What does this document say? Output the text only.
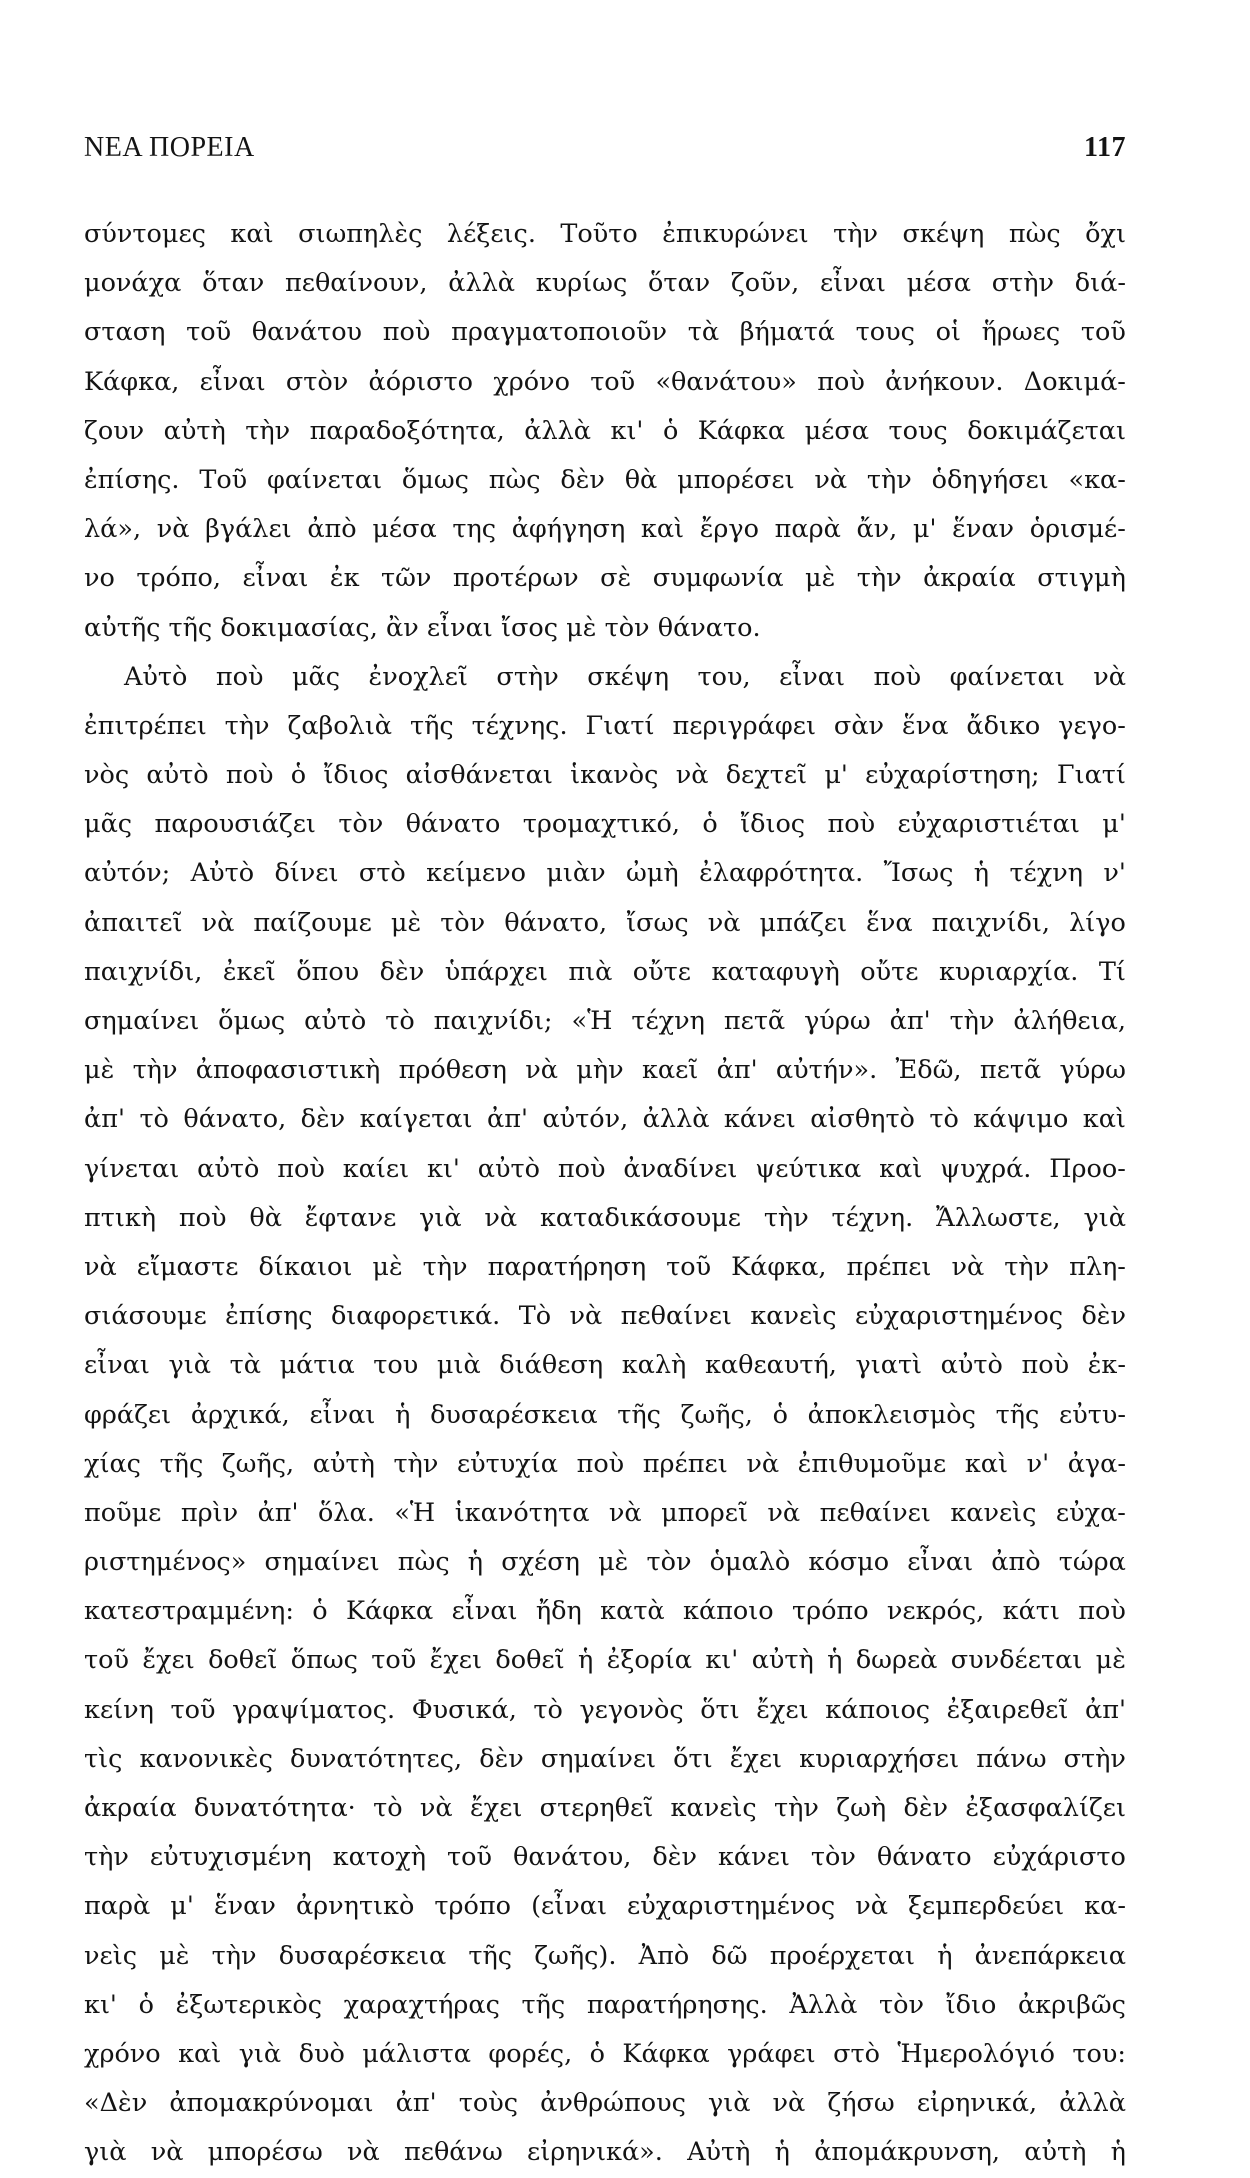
ΝΕΑ ΠΟΡΕΙΑ	117
σύντομες καὶ σιωπηλὲς λέξεις. Τοῦτο ἐπικυρώνει τὴν σκέψη πὼς ὄχι
μονάχα ὅταν πεθαίνουν, ἀλλὰ κυρίως ὅταν ζοῦν, εἶναι μέσα στὴν διά-
σταση τοῦ θανάτου ποὺ πραγματοποιοῦν τὰ βήματά τους οἱ ἥρωες τοῦ
Κάφκα, εἶναι στὸν ἀόριστο χρόνο τοῦ «θανάτου» ποὺ ἀνήκουν. Δοκιμά-
ζουν αὐτὴ τὴν παραδοξότητα, ἀλλὰ κι' ὁ Κάφκα μέσα τους δοκιμάζεται
ἐπίσης. Τοῦ φαίνεται ὅμως πὼς δὲν θὰ μπορέσει νὰ τὴν ὁδηγήσει «κα-
λά», νὰ βγάλει ἀπὸ μέσα της ἀφήγηση καὶ ἔργο παρὰ ἄν, μ' ἕναν ὁρισμέ-
νο τρόπο, εἶναι ἐκ τῶν προτέρων σὲ συμφωνία μὲ τὴν ἀκραία στιγμὴ
αὐτῆς τῆς δοκιμασίας, ἂν εἶναι ἴσος μὲ τὸν θάνατο.
Αὐτὸ ποὺ μᾶς ἐνοχλεῖ στὴν σκέψη του, εἶναι ποὺ φαίνεται νὰ
ἐπιτρέπει τὴν ζαβολιὰ τῆς τέχνης. Γιατί περιγράφει σὰν ἕνα ἄδικο γεγο-
νὸς αὐτὸ ποὺ ὁ ἴδιος αἰσθάνεται ἱκανὸς νὰ δεχτεῖ μ' εὐχαρίστηση; Γιατί
μᾶς παρουσιάζει τὸν θάνατο τρομαχτικό, ὁ ἴδιος ποὺ εὐχαριστιέται μ'
αὐτόν; Αὐτὸ δίνει στὸ κείμενο μιὰν ὠμὴ ἐλαφρότητα. Ἴσως ἡ τέχνη ν'
ἀπαιτεῖ νὰ παίζουμε μὲ τὸν θάνατο, ἴσως νὰ μπάζει ἕνα παιχνίδι, λίγο
παιχνίδι, ἐκεῖ ὅπου δὲν ὑπάρχει πιὰ οὔτε καταφυγὴ οὔτε κυριαρχία. Τί
σημαίνει ὅμως αὐτὸ τὸ παιχνίδι; «Ἡ τέχνη πετᾶ γύρω ἀπ' τὴν ἀλήθεια,
μὲ τὴν ἀποφασιστικὴ πρόθεση νὰ μὴν καεῖ ἀπ' αὐτήν». Ἐδῶ, πετᾶ γύρω
ἀπ' τὸ θάνατο, δὲν καίγεται ἀπ' αὐτόν, ἀλλὰ κάνει αἰσθητὸ τὸ κάψιμο καὶ
γίνεται αὐτὸ ποὺ καίει κι' αὐτὸ ποὺ ἀναδίνει ψεύτικα καὶ ψυχρά. Προο-
πτικὴ ποὺ θὰ ἔφτανε γιὰ νὰ καταδικάσουμε τὴν τέχνη. Ἄλλωστε, γιὰ
νὰ εἴμαστε δίκαιοι μὲ τὴν παρατήρηση τοῦ Κάφκα, πρέπει νὰ τὴν πλη-
σιάσουμε ἐπίσης διαφορετικά. Τὸ νὰ πεθαίνει κανεὶς εὐχαριστημένος δὲν
εἶναι γιὰ τὰ μάτια του μιὰ διάθεση καλὴ καθεαυτή, γιατὶ αὐτὸ ποὺ ἐκ-
φράζει ἀρχικά, εἶναι ἡ δυσαρέσκεια τῆς ζωῆς, ὁ ἀποκλεισμὸς τῆς εὐτυ-
χίας τῆς ζωῆς, αὐτὴ τὴν εὐτυχία ποὺ πρέπει νὰ ἐπιθυμοῦμε καὶ ν' ἀγα-
ποῦμε πρὶν ἀπ' ὅλα. «Ἡ ἱκανότητα νὰ μπορεῖ νὰ πεθαίνει κανεὶς εὐχα-
ριστημένος» σημαίνει πὼς ἡ σχέση μὲ τὸν ὁμαλὸ κόσμο εἶναι ἀπὸ τώρα
κατεστραμμένη: ὁ Κάφκα εἶναι ἤδη κατὰ κάποιο τρόπο νεκρός, κάτι ποὺ
τοῦ ἔχει δοθεῖ ὅπως τοῦ ἔχει δοθεῖ ἡ ἐξορία κι' αὐτὴ ἡ δωρεὰ συνδέεται μὲ
κείνη τοῦ γραψίματος. Φυσικά, τὸ γεγονὸς ὅτι ἔχει κάποιος ἐξαιρεθεῖ ἀπ'
τὶς κανονικὲς δυνατότητες, δὲν σημαίνει ὅτι ἔχει κυριαρχήσει πάνω στὴν
ἀκραία δυνατότητα· τὸ νὰ ἔχει στερηθεῖ κανεὶς τὴν ζωὴ δὲν ἐξασφαλίζει
τὴν εὐτυχισμένη κατοχὴ τοῦ θανάτου, δὲν κάνει τὸν θάνατο εὐχάριστο
παρὰ μ' ἕναν ἀρνητικὸ τρόπο (εἶναι εὐχαριστημένος νὰ ξεμπερδεύει κα-
νεὶς μὲ τὴν δυσαρέσκεια τῆς ζωῆς). Ἀπὸ δῶ προέρχεται ἡ ἀνεπάρκεια
κι' ὁ ἐξωτερικὸς χαραχτήρας τῆς παρατήρησης. Ἀλλὰ τὸν ἴδιο ἀκριβῶς
χρόνο καὶ γιὰ δυὸ μάλιστα φορές, ὁ Κάφκα γράφει στὸ Ἡμερολόγιό του:
«Δὲν ἀπομακρύνομαι ἀπ' τοὺς ἀνθρώπους γιὰ νὰ ζήσω εἰρηνικά, ἀλλὰ
γιὰ νὰ μπορέσω νὰ πεθάνω εἰρηνικά». Αὐτὴ ἡ ἀπομάκρυνση, αὐτὴ ἡ
